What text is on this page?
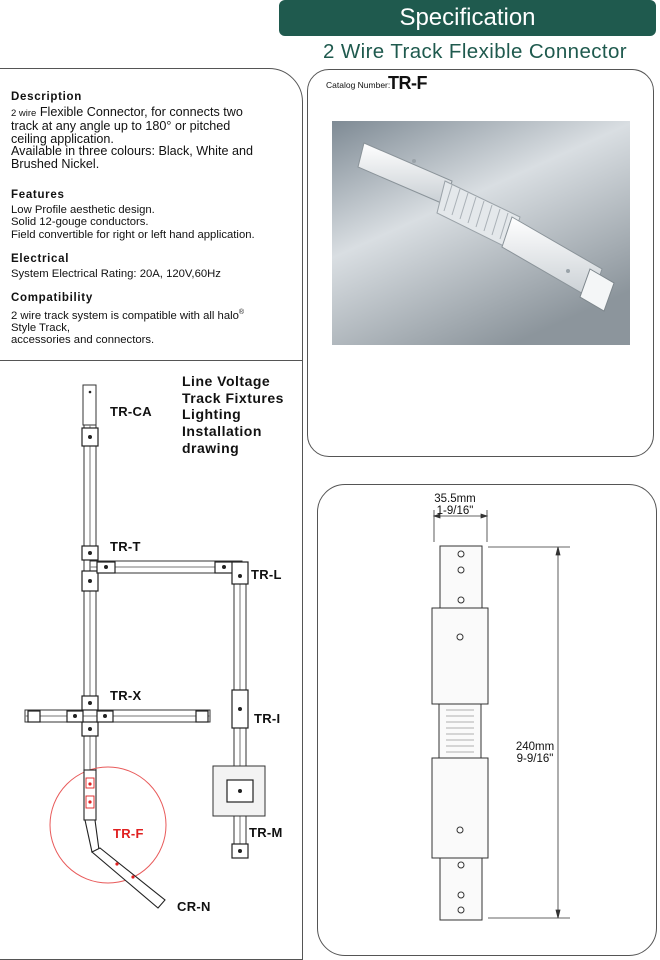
Specification
2 Wire Track Flexible Connector
Description

2 wire Flexible Connector, for connects two
track at any angle up to 180° or pitched
ceiling application.
Available in three colours: Black, White and
Brushed Nickel.

Features

Low Profile aesthetic design.
Solid 12-gouge conductors.
Field convertible for right or left hand application.

Electrical

System Electrical Rating: 20A, 120V,60Hz

Compatibility

2 wire track system is compatible with all halo®
Style Track,
accessories and connectors.

Line Voltage
Track Fixtures
Lighting
Installation
drawing
TR-CA
TR-T
TR-L
TR-X
TR-I
TR-M
TR-F
CR-N
Catalog Number:
TR-F
35.5mm
1-9/16"
240mm
9-9/16"
